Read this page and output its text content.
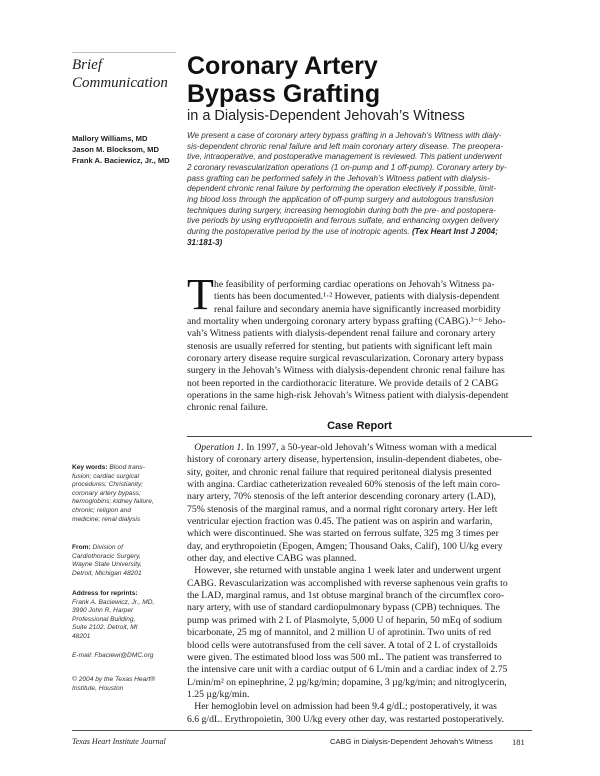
Brief
Communication
Coronary Artery
Bypass Grafting
in a Dialysis-Dependent Jehovah’s Witness
Mallory Williams, MD
Jason M. Blocksom, MD
Frank A. Baciewicz, Jr., MD
We present a case of coronary artery bypass grafting in a Jehovah’s Witness with dialy-
sis-dependent chronic renal failure and left main coronary artery disease. The preopera-
tive, intraoperative, and postoperative management is reviewed. This patient underwent
2 coronary revascularization operations (1 on-pump and 1 off-pump). Coronary artery by-
pass grafting can be performed safely in the Jehovah’s Witness patient with dialysis-
dependent chronic renal failure by performing the operation electively if possible, limit-
ing blood loss through the application of off-pump surgery and autologous transfusion
techniques during surgery, increasing hemoglobin during both the pre- and postopera-
tive periods by using erythropoietin and ferrous sulfate, and enhancing oxygen delivery
during the postoperative period by the use of inotropic agents. (Tex Heart Inst J 2004;
31:181-3)
T he feasibility of performing cardiac operations on Jehovah’s Witness pa-
tients has been documented.¹·² However, patients with dialysis-dependent
renal failure and secondary anemia have significantly increased morbidity
and mortality when undergoing coronary artery bypass grafting (CABG).³⁻⁶ Jeho-
vah’s Witness patients with dialysis-dependent renal failure and coronary artery
stenosis are usually referred for stenting, but patients with significant left main
coronary artery disease require surgical revascularization. Coronary artery bypass
surgery in the Jehovah’s Witness with dialysis-dependent chronic renal failure has
not been reported in the cardiothoracic literature. We provide details of 2 CABG
operations in the same high-risk Jehovah’s Witness patient with dialysis-dependent
chronic renal failure.
Case Report
Operation 1. In 1997, a 50-year-old Jehovah’s Witness woman with a medical
history of coronary artery disease, hypertension, insulin-dependent diabetes, obe-
sity, goiter, and chronic renal failure that required peritoneal dialysis presented
with angina. Cardiac catheterization revealed 60% stenosis of the left main coro-
nary artery, 70% stenosis of the left anterior descending coronary artery (LAD),
75% stenosis of the marginal ramus, and a normal right coronary artery. Her left
ventricular ejection fraction was 0.45. The patient was on aspirin and warfarin,
which were discontinued. She was started on ferrous sulfate, 325 mg 3 times per
day, and erythropoietin (Epogen, Amgen; Thousand Oaks, Calif), 100 U/kg every
other day, and elective CABG was planned.
However, she returned with unstable angina 1 week later and underwent urgent
CABG. Revascularization was accomplished with reverse saphenous vein grafts to
the LAD, marginal ramus, and 1st obtuse marginal branch of the circumflex coro-
nary artery, with use of standard cardiopulmonary bypass (CPB) techniques. The
pump was primed with 2 L of Plasmolyte, 5,000 U of heparin, 50 mEq of sodium
bicarbonate, 25 mg of mannitol, and 2 million U of aprotinin. Two units of red
blood cells were autotransfused from the cell saver. A total of 2 L of crystalloids
were given. The estimated blood loss was 500 mL. The patient was transferred to
the intensive care unit with a cardiac output of 6 L/min and a cardiac index of 2.75
L/min/m² on epinephrine, 2 µg/kg/min; dopamine, 3 µg/kg/min; and nitroglycerin,
1.25 µg/kg/min.
Her hemoglobin level on admission had been 9.4 g/dL; postoperatively, it was
6.6 g/dL. Erythropoietin, 300 U/kg every other day, was restarted postoperatively.
Key words: Blood trans-
fusion; cardiac surgical
procedures; Christianity;
coronary artery bypass;
hemoglobins; kidney failure,
chronic; religion and
medicine; renal dialysis
From: Division of
Cardiothoracic Surgery,
Wayne State University,
Detroit, Michigan 48201
Address for reprints:
Frank A. Baciewicz, Jr., MD,
3990 John R, Harper
Professional Building,
Suite 2102, Detroit, MI
48201
E-mail: Fbaciewi@DMC.org
© 2004 by the Texas Heart®
Institute, Houston
Texas Heart Institute Journal	CABG in Dialysis-Dependent Jehovah’s Witness 181
